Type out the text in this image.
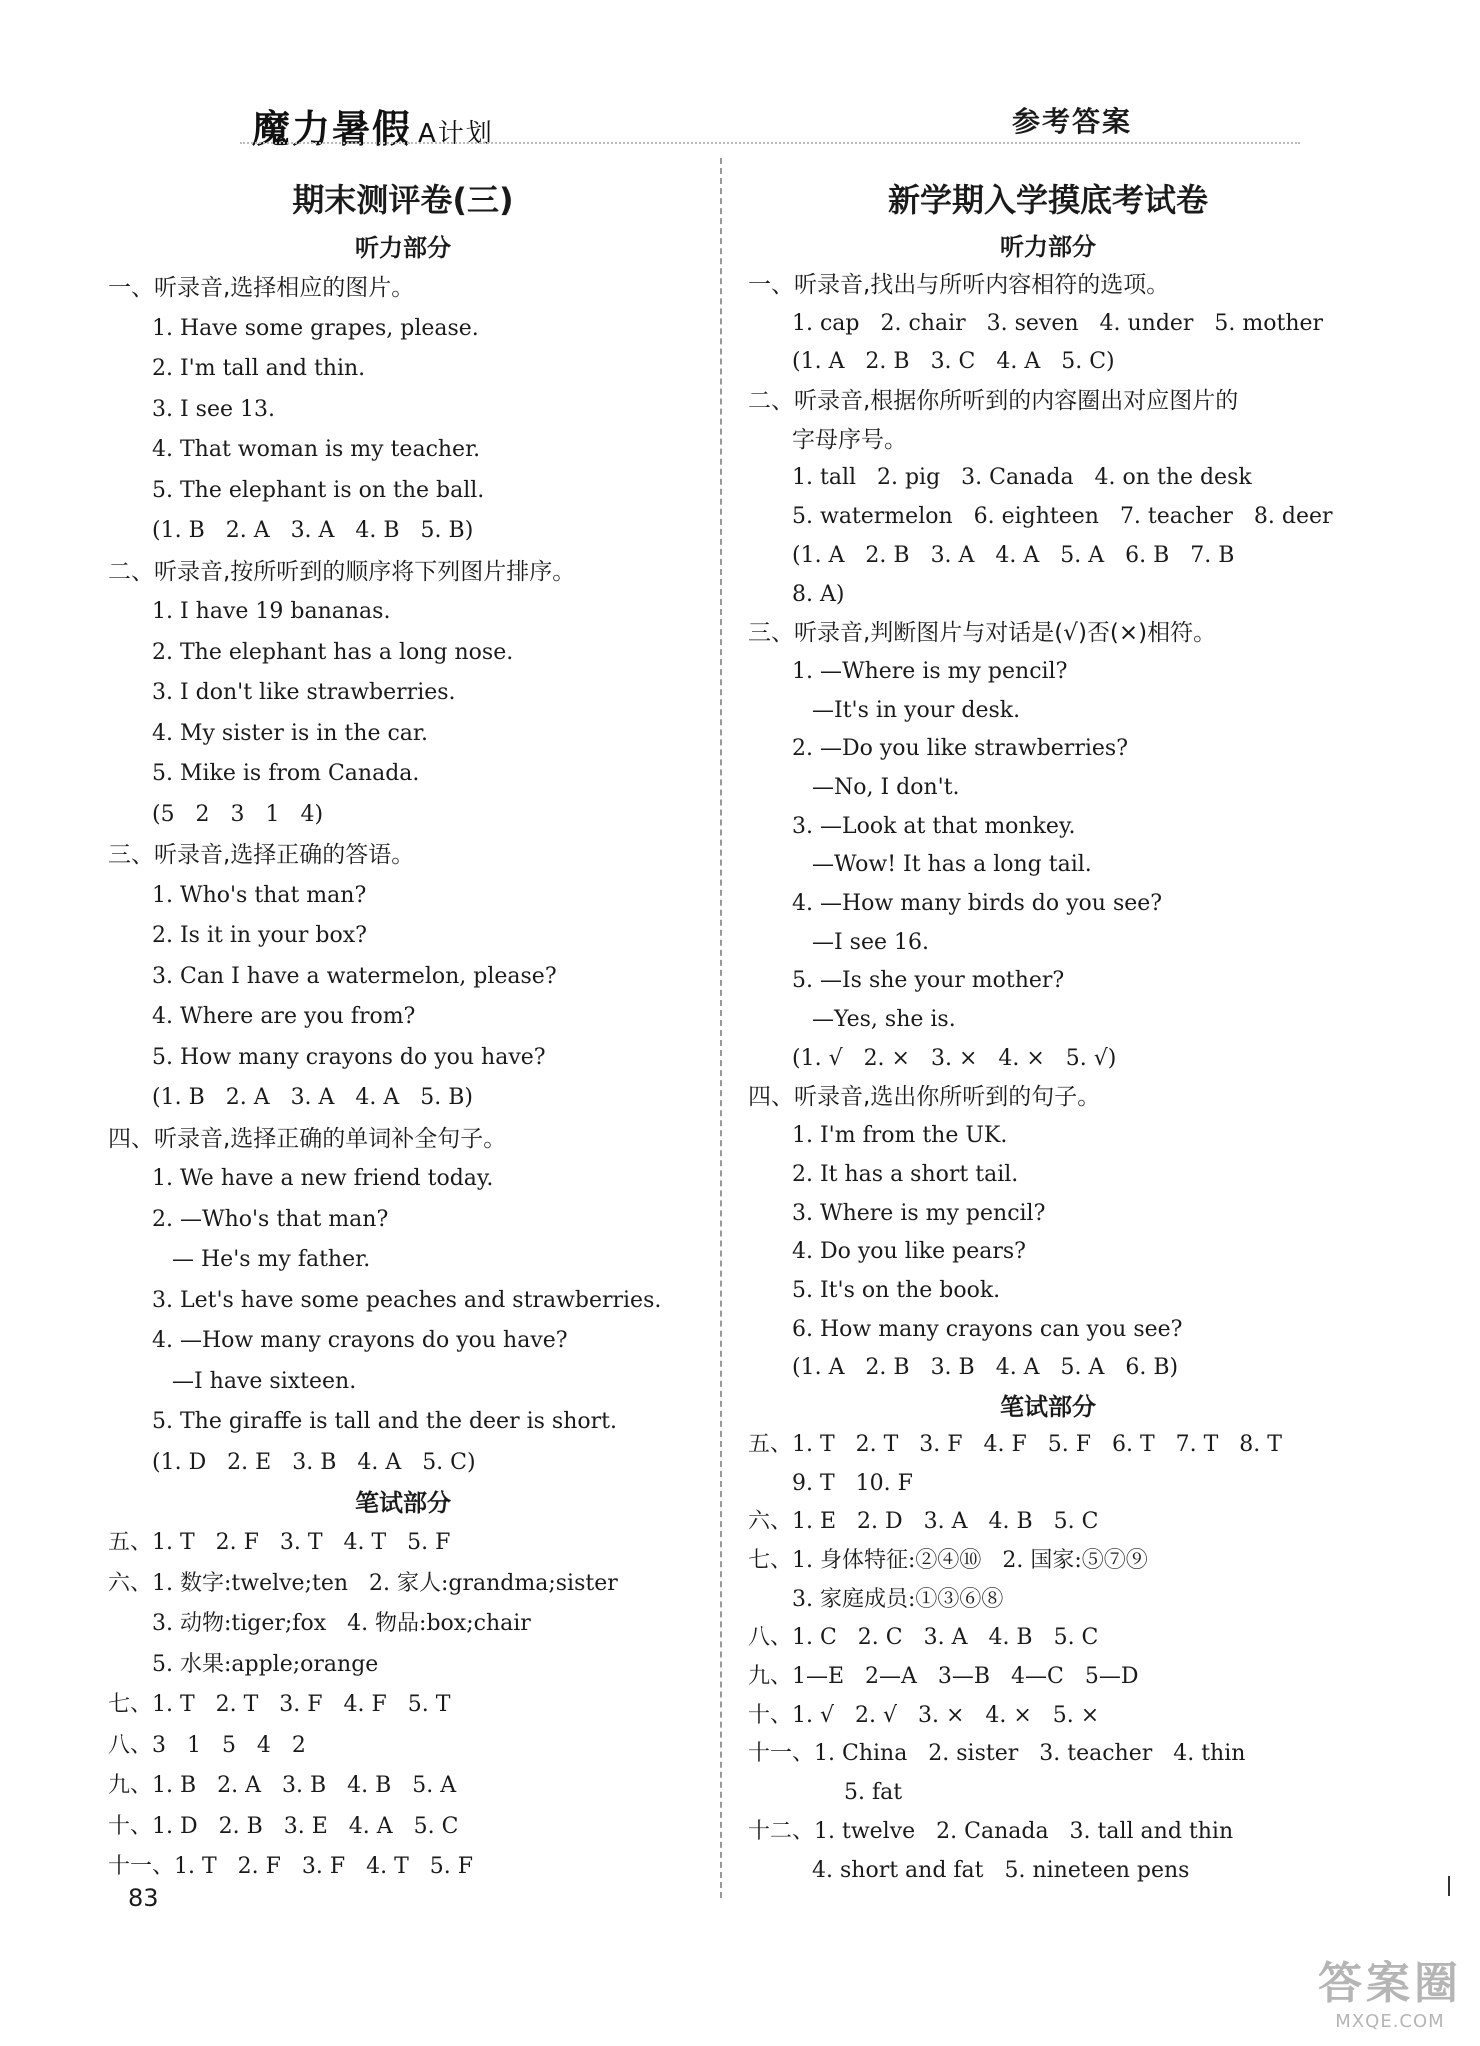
魔力暑假 A计划	参考答案
期末测评卷(三)
听力部分
一、听录音,选择相应的图片。
1. Have some grapes, please.
2. I'm tall and thin.
3. I see 13.
4. That woman is my teacher.
5. The elephant is on the ball.
(1. B   2. A   3. A   4. B   5. B)
二、听录音,按所听到的顺序将下列图片排序。
1. I have 19 bananas.
2. The elephant has a long nose.
3. I don't like strawberries.
4. My sister is in the car.
5. Mike is from Canada.
(5   2   3   1   4)
三、听录音,选择正确的答语。
1. Who's that man?
2. Is it in your box?
3. Can I have a watermelon, please?
4. Where are you from?
5. How many crayons do you have?
(1. B   2. A   3. A   4. A   5. B)
四、听录音,选择正确的单词补全句子。
1. We have a new friend today.
2. —Who's that man?
— He's my father.
3. Let's have some peaches and strawberries.
4. —How many crayons do you have?
—I have sixteen.
5. The giraffe is tall and the deer is short.
(1. D   2. E   3. B   4. A   5. C)
笔试部分
五、1. T   2. F   3. T   4. T   5. F
六、1. 数字:twelve;ten   2. 家人:grandma;sister
3. 动物:tiger;fox   4. 物品:box;chair
5. 水果:apple;orange
七、1. T   2. T   3. F   4. F   5. T
八、3   1   5   4   2
九、1. B   2. A   3. B   4. B   5. A
十、1. D   2. B   3. E   4. A   5. C
十一、1. T   2. F   3. F   4. T   5. F
新学期入学摸底考试卷
听力部分
一、听录音,找出与所听内容相符的选项。
1. cap   2. chair   3. seven   4. under   5. mother
(1. A   2. B   3. C   4. A   5. C)
二、听录音,根据你所听到的内容圈出对应图片的
字母序号。
1. tall   2. pig   3. Canada   4. on the desk
5. watermelon   6. eighteen   7. teacher   8. deer
(1. A   2. B   3. A   4. A   5. A   6. B   7. B
8. A)
三、听录音,判断图片与对话是(√)否(×)相符。
1. —Where is my pencil?
—It's in your desk.
2. —Do you like strawberries?
—No, I don't.
3. —Look at that monkey.
—Wow! It has a long tail.
4. —How many birds do you see?
—I see 16.
5. —Is she your mother?
—Yes, she is.
(1. √   2. ×   3. ×   4. ×   5. √)
四、听录音,选出你所听到的句子。
1. I'm from the UK.
2. It has a short tail.
3. Where is my pencil?
4. Do you like pears?
5. It's on the book.
6. How many crayons can you see?
(1. A   2. B   3. B   4. A   5. A   6. B)
笔试部分
五、1. T   2. T   3. F   4. F   5. F   6. T   7. T   8. T
9. T   10. F
六、1. E   2. D   3. A   4. B   5. C
七、1. 身体特征:②④⑩   2. 国家:⑤⑦⑨
3. 家庭成员:①③⑥⑧
八、1. C   2. C   3. A   4. B   5. C
九、1—E   2—A   3—B   4—C   5—D
十、1. √   2. √   3. ×   4. ×   5. ×
十一、1. China   2. sister   3. teacher   4. thin
5. fat
十二、1. twelve   2. Canada   3. tall and thin
4. short and fat   5. nineteen pens
83
答案圈
MXQE.COM
